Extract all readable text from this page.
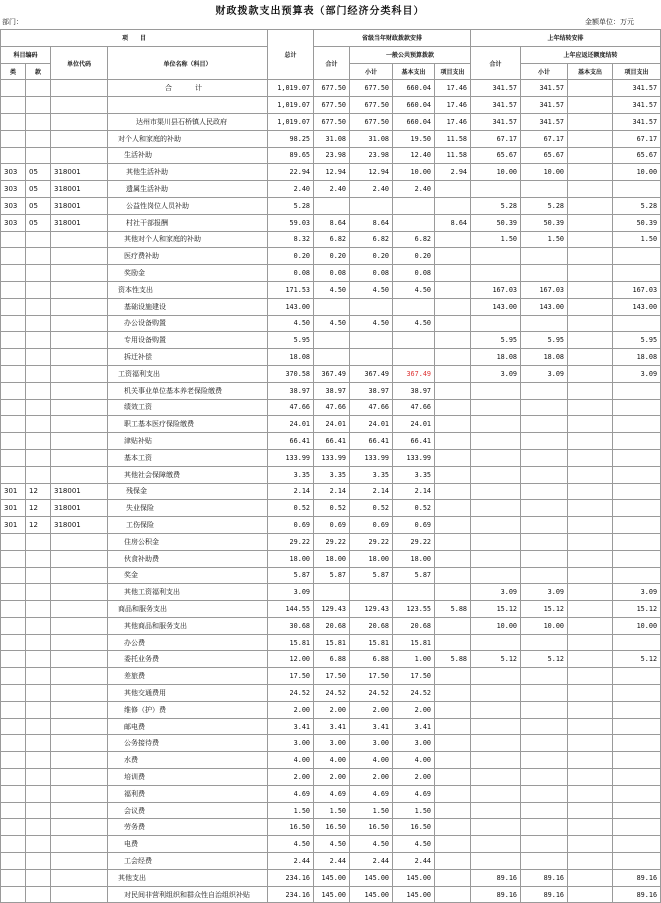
财政拨款支出预算表（部门经济分类科目）
部门：	金额单位：万元
项　　目				总计	省级当年财政拨款安排				上年结转安排			
科目编码		单位代码	单位名称（科目）		合计	一般公共预算拨款			合计	上年应返还额度结转		
类	款					小计	基本支出	项目支出		小计	基本支出	项目支出

			合　计	1,019.07	677.50	677.50	660.04	17.46	341.57	341.57		341.57
				1,019.07	677.50	677.50	660.04	17.46	341.57	341.57		341.57
			达州市渠川县石桥镇人民政府	1,019.07	677.50	677.50	660.04	17.46	341.57	341.57		341.57
			对个人和家庭的补助	98.25	31.08	31.08	19.50	11.58	67.17	67.17		67.17
			生活补助	89.65	23.98	23.98	12.40	11.58	65.67	65.67		65.67
303	05	318001	其他生活补助	22.94	12.94	12.94	10.00	2.94	10.00	10.00		10.00
303	05	318001	遗属生活补助	2.40	2.40	2.40	2.40					
303	05	318001	公益性岗位人员补助	5.28					5.28	5.28		5.28
303	05	318001	村社干部报酬	59.03	8.64	8.64		8.64	50.39	50.39		50.39
			其他对个人和家庭的补助	8.32	6.82	6.82	6.82		1.50	1.50		1.50
			医疗费补助	0.20	0.20	0.20	0.20					
			奖励金	0.08	0.08	0.08	0.08					
			资本性支出	171.53	4.50	4.50	4.50		167.03	167.03		167.03
			基础设施建设	143.00					143.00	143.00		143.00
			办公设备购置	4.50	4.50	4.50	4.50					
			专用设备购置	5.95					5.95	5.95		5.95
			拆迁补偿	18.08					18.08	18.08		18.08
			工资福利支出	370.58	367.49	367.49	367.49		3.09	3.09		3.09
			机关事业单位基本养老保险缴费	38.97	38.97	38.97	38.97					
			绩效工资	47.66	47.66	47.66	47.66					
			职工基本医疗保险缴费	24.01	24.01	24.01	24.01					
			津贴补贴	66.41	66.41	66.41	66.41					
			基本工资	133.99	133.99	133.99	133.99					
			其他社会保障缴费	3.35	3.35	3.35	3.35					
301	12	318001	残保金	2.14	2.14	2.14	2.14					
301	12	318001	失业保险	0.52	0.52	0.52	0.52					
301	12	318001	工伤保险	0.69	0.69	0.69	0.69					
			住房公积金	29.22	29.22	29.22	29.22					
			伙食补助费	18.00	18.00	18.00	18.00					
			奖金	5.87	5.87	5.87	5.87					
			其他工资福利支出	3.09					3.09	3.09		3.09
			商品和服务支出	144.55	129.43	129.43	123.55	5.88	15.12	15.12		15.12
			其他商品和服务支出	30.68	20.68	20.68	20.68		10.00	10.00		10.00
			办公费	15.81	15.81	15.81	15.81					
			委托业务费	12.00	6.88	6.88	1.00	5.88	5.12	5.12		5.12
			差旅费	17.50	17.50	17.50	17.50					
			其他交通费用	24.52	24.52	24.52	24.52					
			维修（护）费	2.00	2.00	2.00	2.00					
			邮电费	3.41	3.41	3.41	3.41					
			公务接待费	3.00	3.00	3.00	3.00					
			水费	4.00	4.00	4.00	4.00					
			培训费	2.00	2.00	2.00	2.00					
			福利费	4.69	4.69	4.69	4.69					
			会议费	1.50	1.50	1.50	1.50					
			劳务费	16.50	16.50	16.50	16.50					
			电费	4.50	4.50	4.50	4.50					
			工会经费	2.44	2.44	2.44	2.44					
			其他支出	234.16	145.00	145.00	145.00		89.16	89.16		89.16
			对民间非营利组织和群众性自治组织补贴	234.16	145.00	145.00	145.00		89.16	89.16		89.16
